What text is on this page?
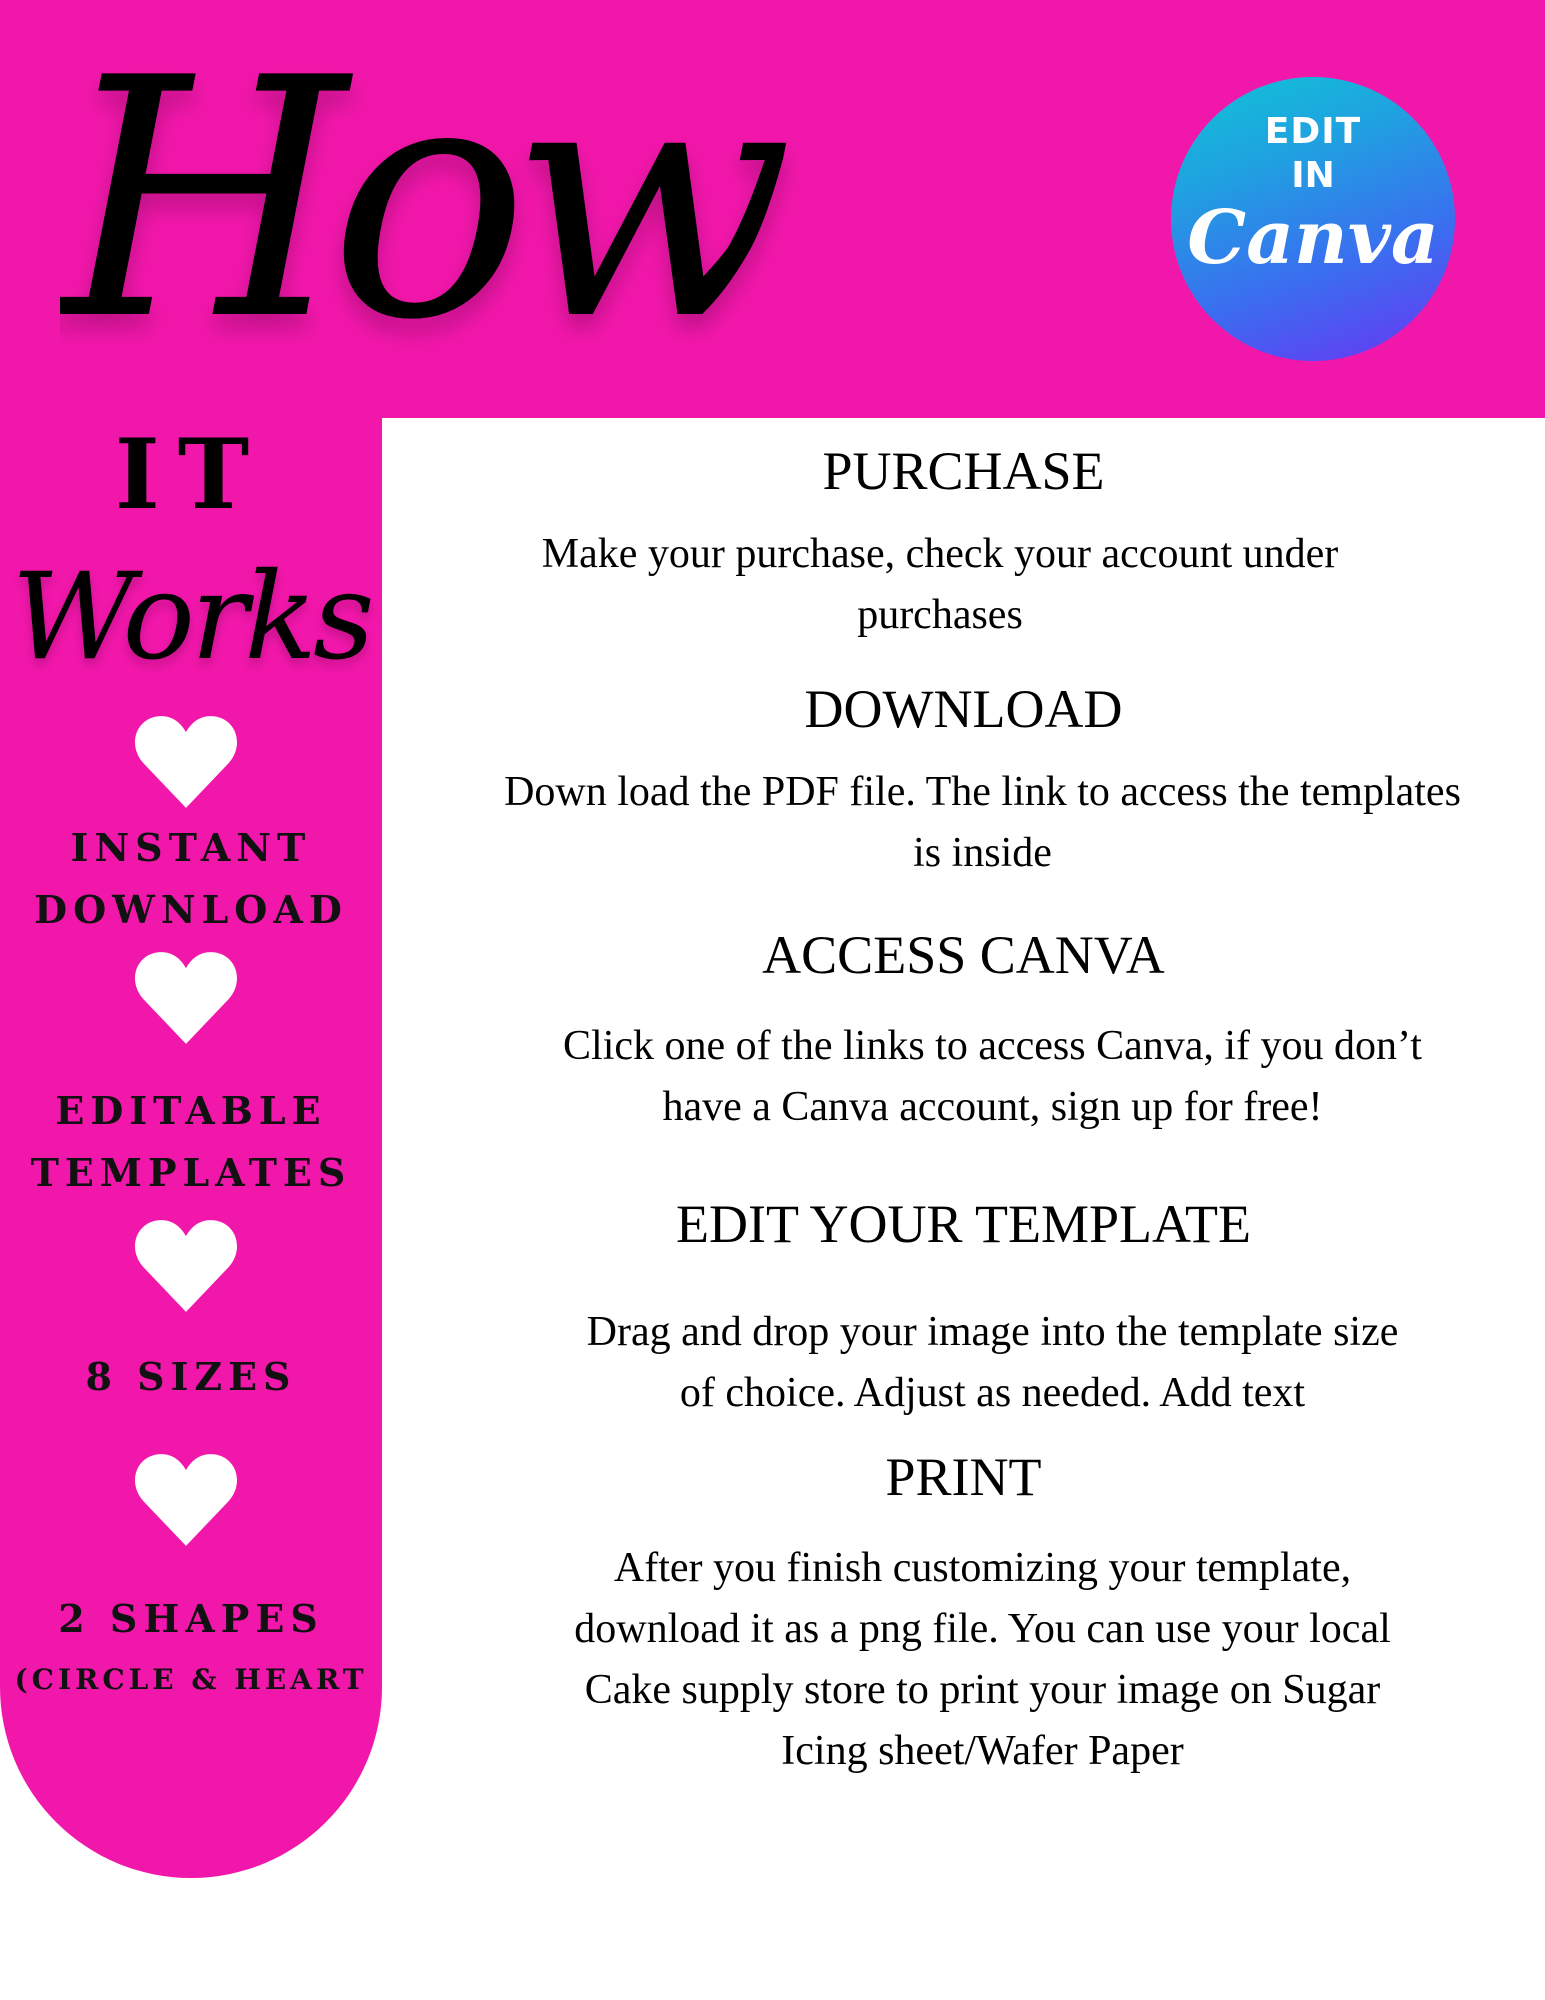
How	EDIT
IN
Canva
IT
Works
INSTANT
DOWNLOAD
EDITABLE
TEMPLATES
8 SIZES
2 SHAPES
(CIRCLE & HEART
PURCHASE
Make your purchase, check your account under
purchases
DOWNLOAD
Down load the PDF file. The link to access the templates
is inside
ACCESS CANVA
Click one of the links to access Canva, if you don’t
have a Canva account, sign up for free!
EDIT YOUR TEMPLATE
Drag and drop your image into the template size
of choice. Adjust as needed. Add text
PRINT
After you finish customizing your template,
download it as a png file. You can use your local
Cake supply store to print your image on Sugar
Icing sheet/Wafer Paper
